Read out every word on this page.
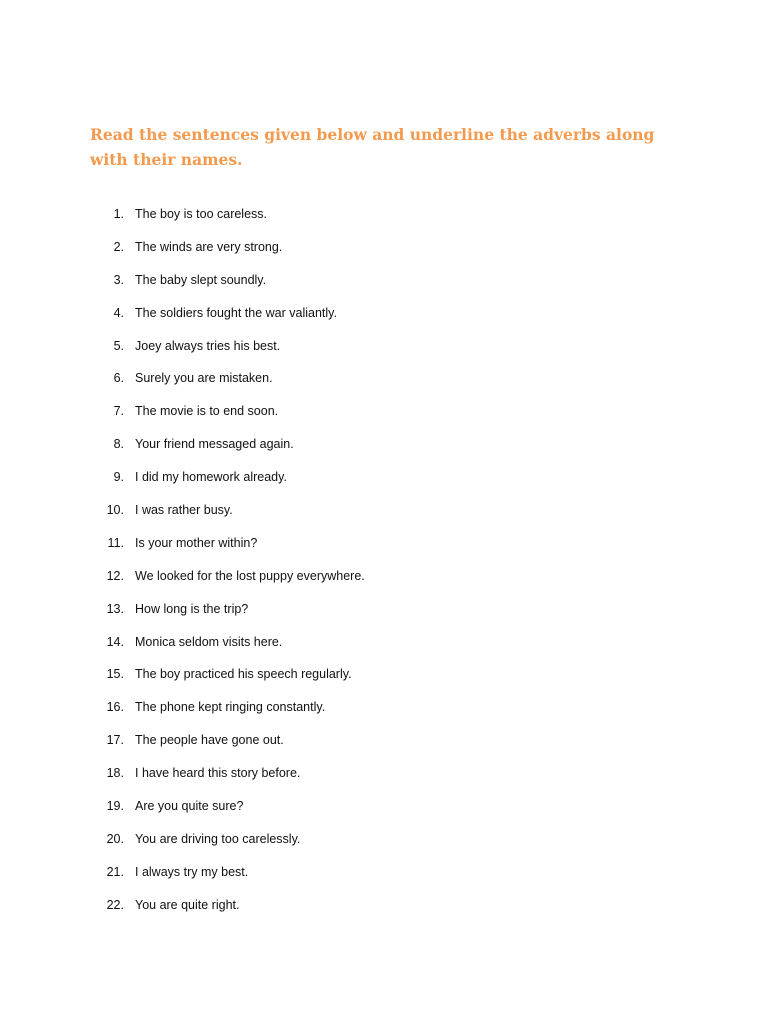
Read the sentences given below and underline the adverbs along with their names.
1. The boy is too careless.
2. The winds are very strong.
3. The baby slept soundly.
4. The soldiers fought the war valiantly.
5. Joey always tries his best.
6. Surely you are mistaken.
7. The movie is to end soon.
8. Your friend messaged again.
9. I did my homework already.
10. I was rather busy.
11. Is your mother within?
12. We looked for the lost puppy everywhere.
13. How long is the trip?
14. Monica seldom visits here.
15. The boy practiced his speech regularly.
16. The phone kept ringing constantly.
17. The people have gone out.
18. I have heard this story before.
19. Are you quite sure?
20. You are driving too carelessly.
21. I always try my best.
22. You are quite right.
